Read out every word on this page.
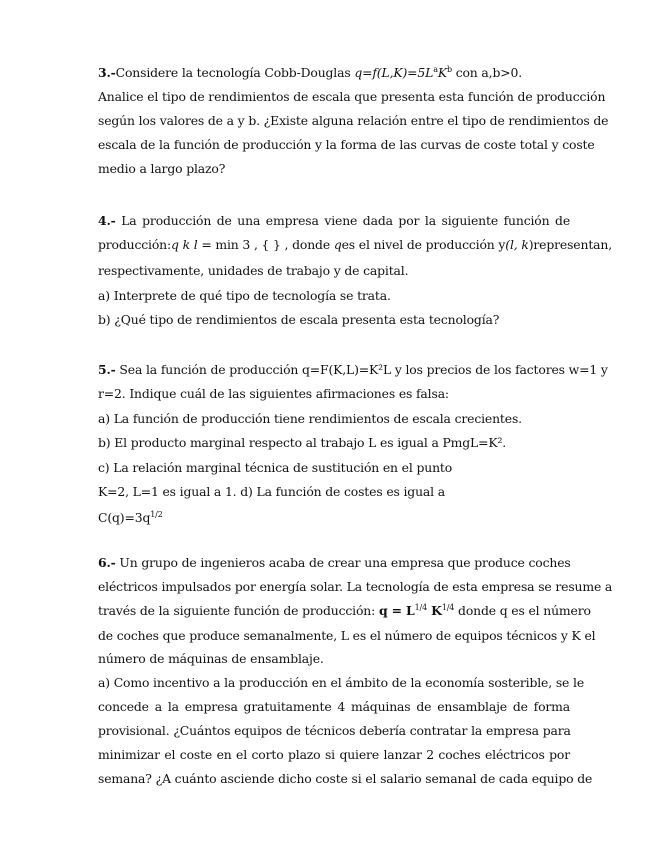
3.-Considere la tecnología Cobb-Douglas $q=f(L,K)=5L^aK^b$ con a,b>0.
Analice el tipo de rendimientos de escala que presenta esta función de producción
según los valores de a y b. ¿Existe alguna relación entre el tipo de rendimientos de
escala de la función de producción y la forma de las curvas de coste total y coste
medio a largo plazo?
4.- La producción de una empresa viene dada por la siguiente función de
producción:q k l = min 3 , { } , donde qes el nivel de producción y(l, k)representan,
respectivamente, unidades de trabajo y de capital.
a) Interprete de qué tipo de tecnología se trata.
b) ¿Qué tipo de rendimientos de escala presenta esta tecnología?
5.- Sea la función de producción q=F(K,L)=K²L y los precios de los factores w=1 y
r=2. Indique cuál de las siguientes afirmaciones es falsa:
a) La función de producción tiene rendimientos de escala crecientes.
b) El producto marginal respecto al trabajo L es igual a PmgL=K².
c) La relación marginal técnica de sustitución en el punto
K=2, L=1 es igual a 1. d) La función de costes es igual a
$C(q)=3q^{1/2}$
6.- Un grupo de ingenieros acaba de crear una empresa que produce coches
eléctricos impulsados por energía solar. La tecnología de esta empresa se resume a
través de la siguiente función de producción: $q = L^{1/4}$ $K^{1/4}$ donde q es el número
de coches que produce semanalmente, L es el número de equipos técnicos y K el
número de máquinas de ensamblaje.
a) Como incentivo a la producción en el ámbito de la economía sosterible, se le
concede a la empresa gratuitamente 4 máquinas de ensamblaje de forma
provisional. ¿Cuántos equipos de técnicos debería contratar la empresa para
minimizar el coste en el corto plazo si quiere lanzar 2 coches eléctricos por
semana? ¿A cuánto asciende dicho coste si el salario semanal de cada equipo de
